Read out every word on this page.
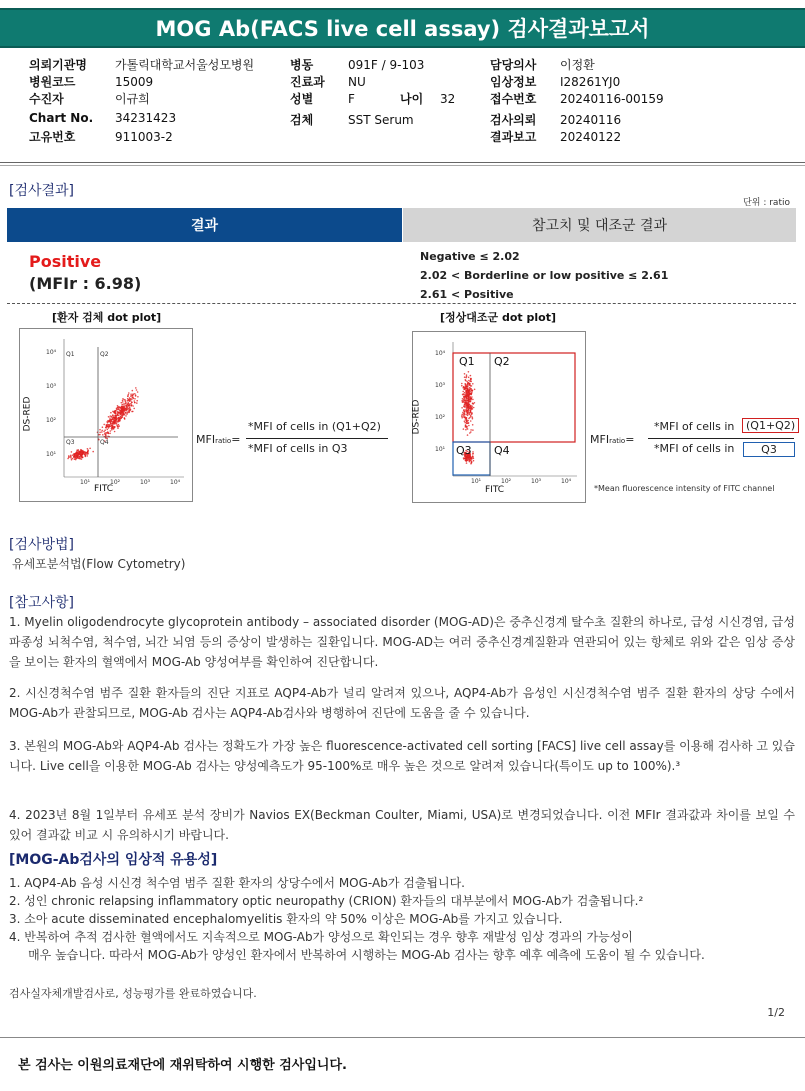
MOG Ab(FACS live cell assay) 검사결과보고서
의뢰기관명 가톨릭대학교서울성모병원
병원코드	15009
수진자	이규희
Chart No. 34231423
고유번호	911003-2
병동	091F / 9-103
진료과 NU
성별	F	나이 32
검체	SST Serum
담당의사 이정환
임상정보 I28261YJ0
접수번호 20240116-00159
검사의뢰 20240116
결과보고 20240122
[검사결과]
단위 : ratio
결과	참고치 및 대조군 결과
Positive
(MFIr : 6.98)
Negative ≤ 2.02
2.02 < Borderline or low positive ≤ 2.61
2.61 < Positive
[환자 검체 dot plot]	[정상대조군 dot plot]
Q1	Q2
Q3	Q4
10⁴
10³
10²
10¹
10¹	10²	10³	10⁴
FITC
DS-RED
MFIratio=
*MFI of cells in (Q1+Q2)
*MFI of cells in Q3
Q1 Q2
Q3 Q4
10⁴
10³
10²
10¹
10¹	10²	10³	10⁴
FITC
DS-RED
MFIratio=
*MFI of cells in	(Q1+Q2)
*MFI of cells in	Q3
*Mean fluorescence intensity of FITC channel
[검사방법]
유세포분석법(Flow Cytometry)
[참고사항]
1. Myelin oligodendrocyte glycoprotein antibody – associated disorder (MOG-AD)은 중추신경계 탈수초 질환의 하나로, 급성 시신경염, 급성파종성 뇌척수염, 척수염, 뇌간 뇌염 등의 증상이 발생하는 질환입니다. MOG-AD는 여러 중추신경계질환과 연관되어 있는 항체로 위와 같은 임상 증상을 보이는 환자의 혈액에서 MOG-Ab 양성여부를 확인하여 진단합니다.
2. 시신경척수염 범주 질환 환자들의 진단 지표로 AQP4-Ab가 널리 알려져 있으나, AQP4-Ab가 음성인 시신경척수염 범주 질환 환자의 상당 수에서 MOG-Ab가 관찰되므로, MOG-Ab 검사는 AQP4-Ab검사와 병행하여 진단에 도움을 줄 수 있습니다.
3. 본원의 MOG-Ab와 AQP4-Ab 검사는 정확도가 가장 높은 fluorescence-activated cell sorting [FACS] live cell assay를 이용해 검사하 고 있습니다. Live cell을 이용한 MOG-Ab 검사는 양성예측도가 95-100%로 매우 높은 것으로 알려져 있습니다(특이도 up to 100%).³
4. 2023년 8월 1일부터 유세포 분석 장비가 Navios EX(Beckman Coulter, Miami, USA)로 변경되었습니다. 이전 MFIr 결과값과 차이를 보일 수 있어 결과값 비교 시 유의하시기 바랍니다.
[MOG-Ab검사의 임상적 유용성]
1. AQP4-Ab 음성 시신경 척수염 범주 질환 환자의 상당수에서 MOG-Ab가 검출됩니다.
2. 성인 chronic relapsing inflammatory optic neuropathy (CRION) 환자들의 대부분에서 MOG-Ab가 검출됩니다.²
3. 소아 acute disseminated encephalomyelitis 환자의 약 50% 이상은 MOG-Ab를 가지고 있습니다.
4. 반복하여 추적 검사한 혈액에서도 지속적으로 MOG-Ab가 양성으로 확인되는 경우 향후 재발성 임상 경과의 가능성이
매우 높습니다. 따라서 MOG-Ab가 양성인 환자에서 반복하여 시행하는 MOG-Ab 검사는 향후 예후 예측에 도움이 될 수 있습니다.
검사실자체개발검사로, 성능평가를 완료하였습니다.
1/2
본 검사는 이원의료재단에 재위탁하여 시행한 검사입니다.
